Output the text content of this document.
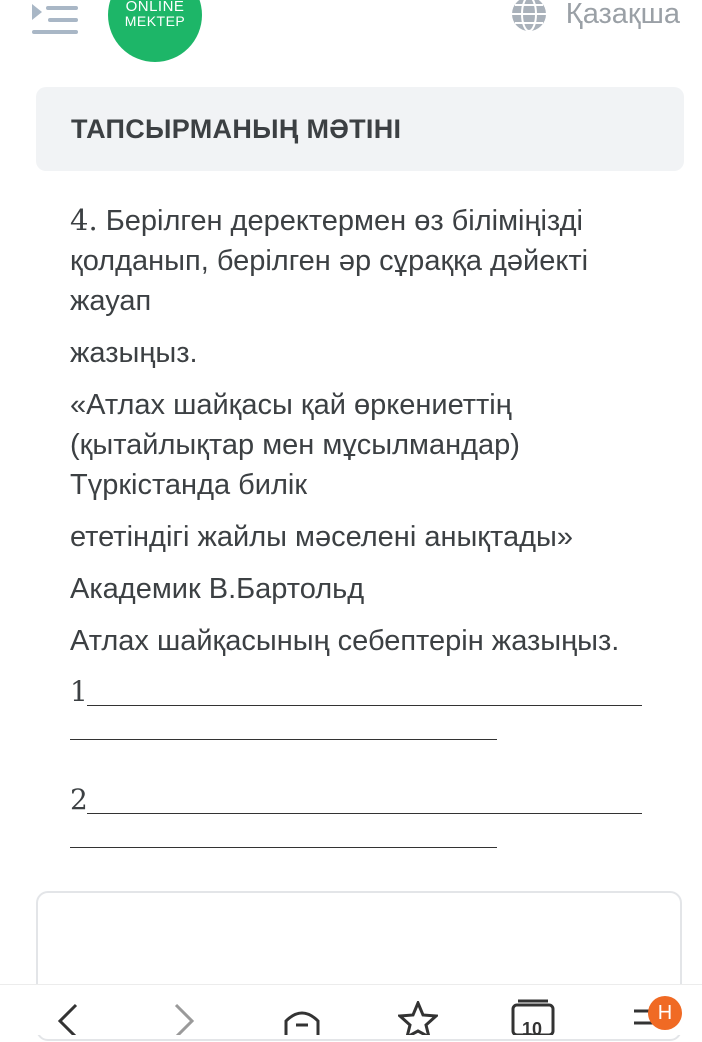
ONLINE
MEKTEP	Қазақша
ТАПСЫРМАНЫҢ МӘТІНІ

4. Берілген деректермен өз біліміңізді қолданып, берілген әр сұраққа дәйекті жауап

жазыңыз.

«Атлах шайқасы қай өркениеттің (қытайлықтар мен мұсылмандар) Түркістанда билік

ететіндігі жайлы мәселені анықтады»

Академик В.Бартольд

Атлах шайқасының себептерін жазыңыз.

1
2
10
H
